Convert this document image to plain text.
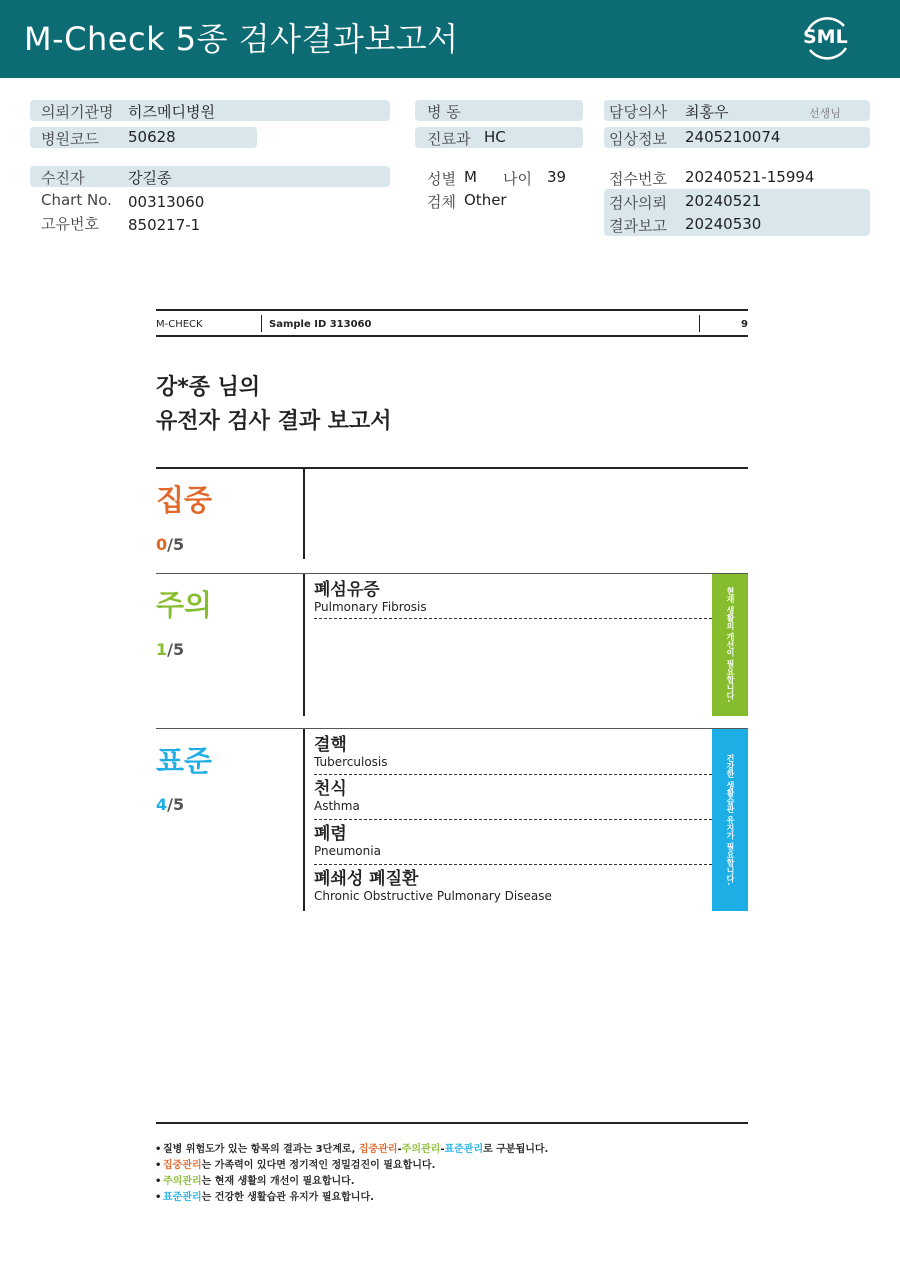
M-Check 5종 검사결과보고서	SML
의뢰기관명 히즈메디병원
병원코드 50628
병 동
진료과 HC
담당의사 최홍우	선생님
임상정보 2405210074
수진자	강길종
Chart No. 00313060
고유번호 850217-1
성별 M 나이 39
검체 Other
접수번호 20240521-15994
검사의뢰 20240521
결과보고 20240530
M-CHECK	Sample ID 313060	9
강*종 님의
유전자 검사 결과 보고서
집중
0/5
주의
1/5
폐섬유증
Pulmonary Fibrosis	현재 생활의 개선이 필요합니다.
표준
4/5
결핵
Tuberculosis
천식
Asthma
폐렴
Pneumonia
폐쇄성 폐질환
Chronic Obstructive Pulmonary Disease
건강한 생활습관 유지가 필요합니다.
• 질병 위험도가 있는 항목의 결과는 3단계로, 집중관리-주의관리-표준관리로 구분됩니다.
• 집중관리는 가족력이 있다면 정기적인 정밀검진이 필요합니다.
• 주의관리는 현재 생활의 개선이 필요합니다.
• 표준관리는 건강한 생활습관 유지가 필요합니다.
